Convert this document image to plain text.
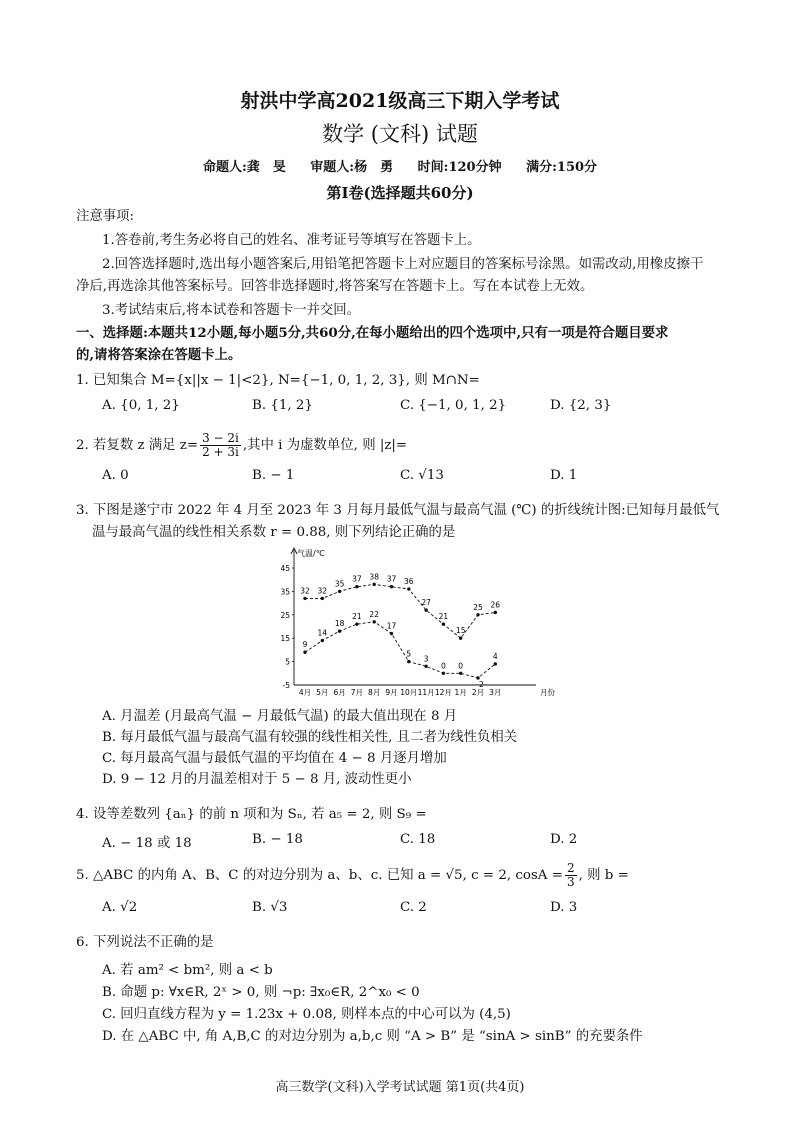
射洪中学高2021级高三下期入学考试
数学 (文科) 试题
命题人:龚　旻 审题人:杨　勇 时间:120分钟 满分:150分
第Ⅰ卷(选择题共60分)
注意事项:
1.答卷前,考生务必将自己的姓名、准考证号等填写在答题卡上。
2.回答选择题时,选出每小题答案后,用铅笔把答题卡上对应题目的答案标号涂黑。如需改动,用橡皮擦干
净后,再选涂其他答案标号。回答非选择题时,将答案写在答题卡上。写在本试卷上无效。
3.考试结束后,将本试卷和答题卡一并交回。
一、选择题:本题共12小题,每小题5分,共60分,在每小题给出的四个选项中,只有一项是符合题目要求
的,请将答案涂在答题卡上。
1. 已知集合 M={x||x − 1|<2}, N={−1, 0, 1, 2, 3}, 则 M∩N=
A. {0, 1, 2}	B. {1, 2}	C. {−1, 0, 1, 2}	D. {2, 3}
2. 若复数 z 满足 $z= \frac{3 - 2i}{2 + 3i}$ ,其中 i 为虚数单位, 则 |z|=
A. 0	B. − 1	C. √13	D. 1
3. 下图是遂宁市 2022 年 4 月至 2023 年 3 月每月最低气温与最高气温 (℃) 的折线统计图:已知每月最低气
温与最高气温的线性相关系数 r = 0.88, 则下列结论正确的是
气温/℃
-5
5
15
25
35
45
4月 5月 6月 7月 8月 9月 10月 11月 12月 1月 2月 3月	月份
32 32
35
37 38 37 36
27
21
15
25 26
9
14
18
21 22
17
5
3
0 0
-2
4
A. 月温差 (月最高气温 − 月最低气温) 的最大值出现在 8 月
B. 每月最低气温与最高气温有较强的线性相关性, 且二者为线性负相关
C. 每月最高气温与最低气温的平均值在 4 − 8 月逐月增加
D. 9 − 12 月的月温差相对于 5 − 8 月, 波动性更小
4. 设等差数列 {aₙ} 的前 n 项和为 Sₙ, 若 a₅ = 2, 则 S₉ =
A. − 18 或 18	B. − 18	C. 18	D. 2
5. △ABC 的内角 A、B、C 的对边分别为 a、b、c. 已知 a = √5, c = 2, $\cos A = \frac{2}{3}$ , 则 b =
A. √2	B. √3	C. 2	D. 3
6. 下列说法不正确的是
A. 若 am² < bm², 则 a < b
B. 命题 p: ∀x∈R, 2ˣ > 0, 则 ¬p: ∃x₀∈R, 2^x₀ < 0
C. 回归直线方程为 y = 1.23x + 0.08, 则样本点的中心可以为 (4,5)
D. 在 △ABC 中, 角 A,B,C 的对边分别为 a,b,c 则 “A > B” 是 “sinA > sinB” 的充要条件
高三数学(文科)入学考试试题 第1页(共4页)
